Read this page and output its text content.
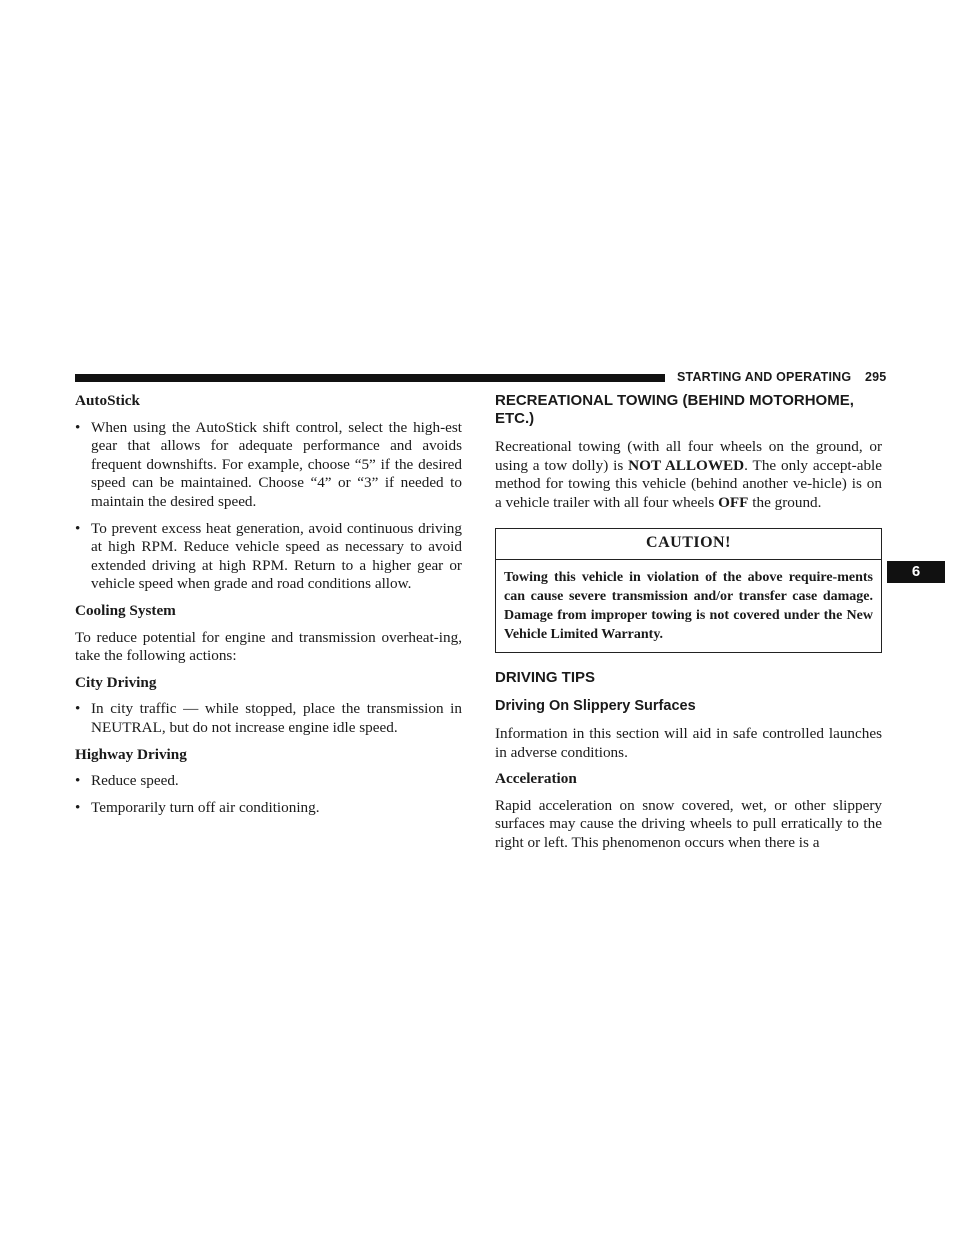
STARTING AND OPERATING 295
6
AutoStick
• When using the AutoStick shift control, select the high-est gear that allows for adequate performance and avoids frequent downshifts. For example, choose “5” if the desired speed can be maintained. Choose “4” or “3” if needed to maintain the desired speed.
• To prevent excess heat generation, avoid continuous driving at high RPM. Reduce vehicle speed as necessary to avoid extended driving at high RPM. Return to a higher gear or vehicle speed when grade and road conditions allow.
Cooling System

To reduce potential for engine and transmission overheat-ing, take the following actions:

City Driving
• In city traffic — while stopped, place the transmission in NEUTRAL, but do not increase engine idle speed.
Highway Driving
• Reduce speed.
• Temporarily turn off air conditioning.
RECREATIONAL TOWING (BEHIND MOTORHOME, ETC.)

Recreational towing (with all four wheels on the ground, or using a tow dolly) is NOT ALLOWED. The only accept-able method for towing this vehicle (behind another ve-hicle) is on a vehicle trailer with all four wheels OFF the ground.

CAUTION!
Towing this vehicle in violation of the above require-ments can cause severe transmission and/or transfer case damage. Damage from improper towing is not covered under the New Vehicle Limited Warranty.
DRIVING TIPS
Driving On Slippery Surfaces

Information in this section will aid in safe controlled launches in adverse conditions.

Acceleration

Rapid acceleration on snow covered, wet, or other slippery surfaces may cause the driving wheels to pull erratically to the right or left. This phenomenon occurs when there is a
